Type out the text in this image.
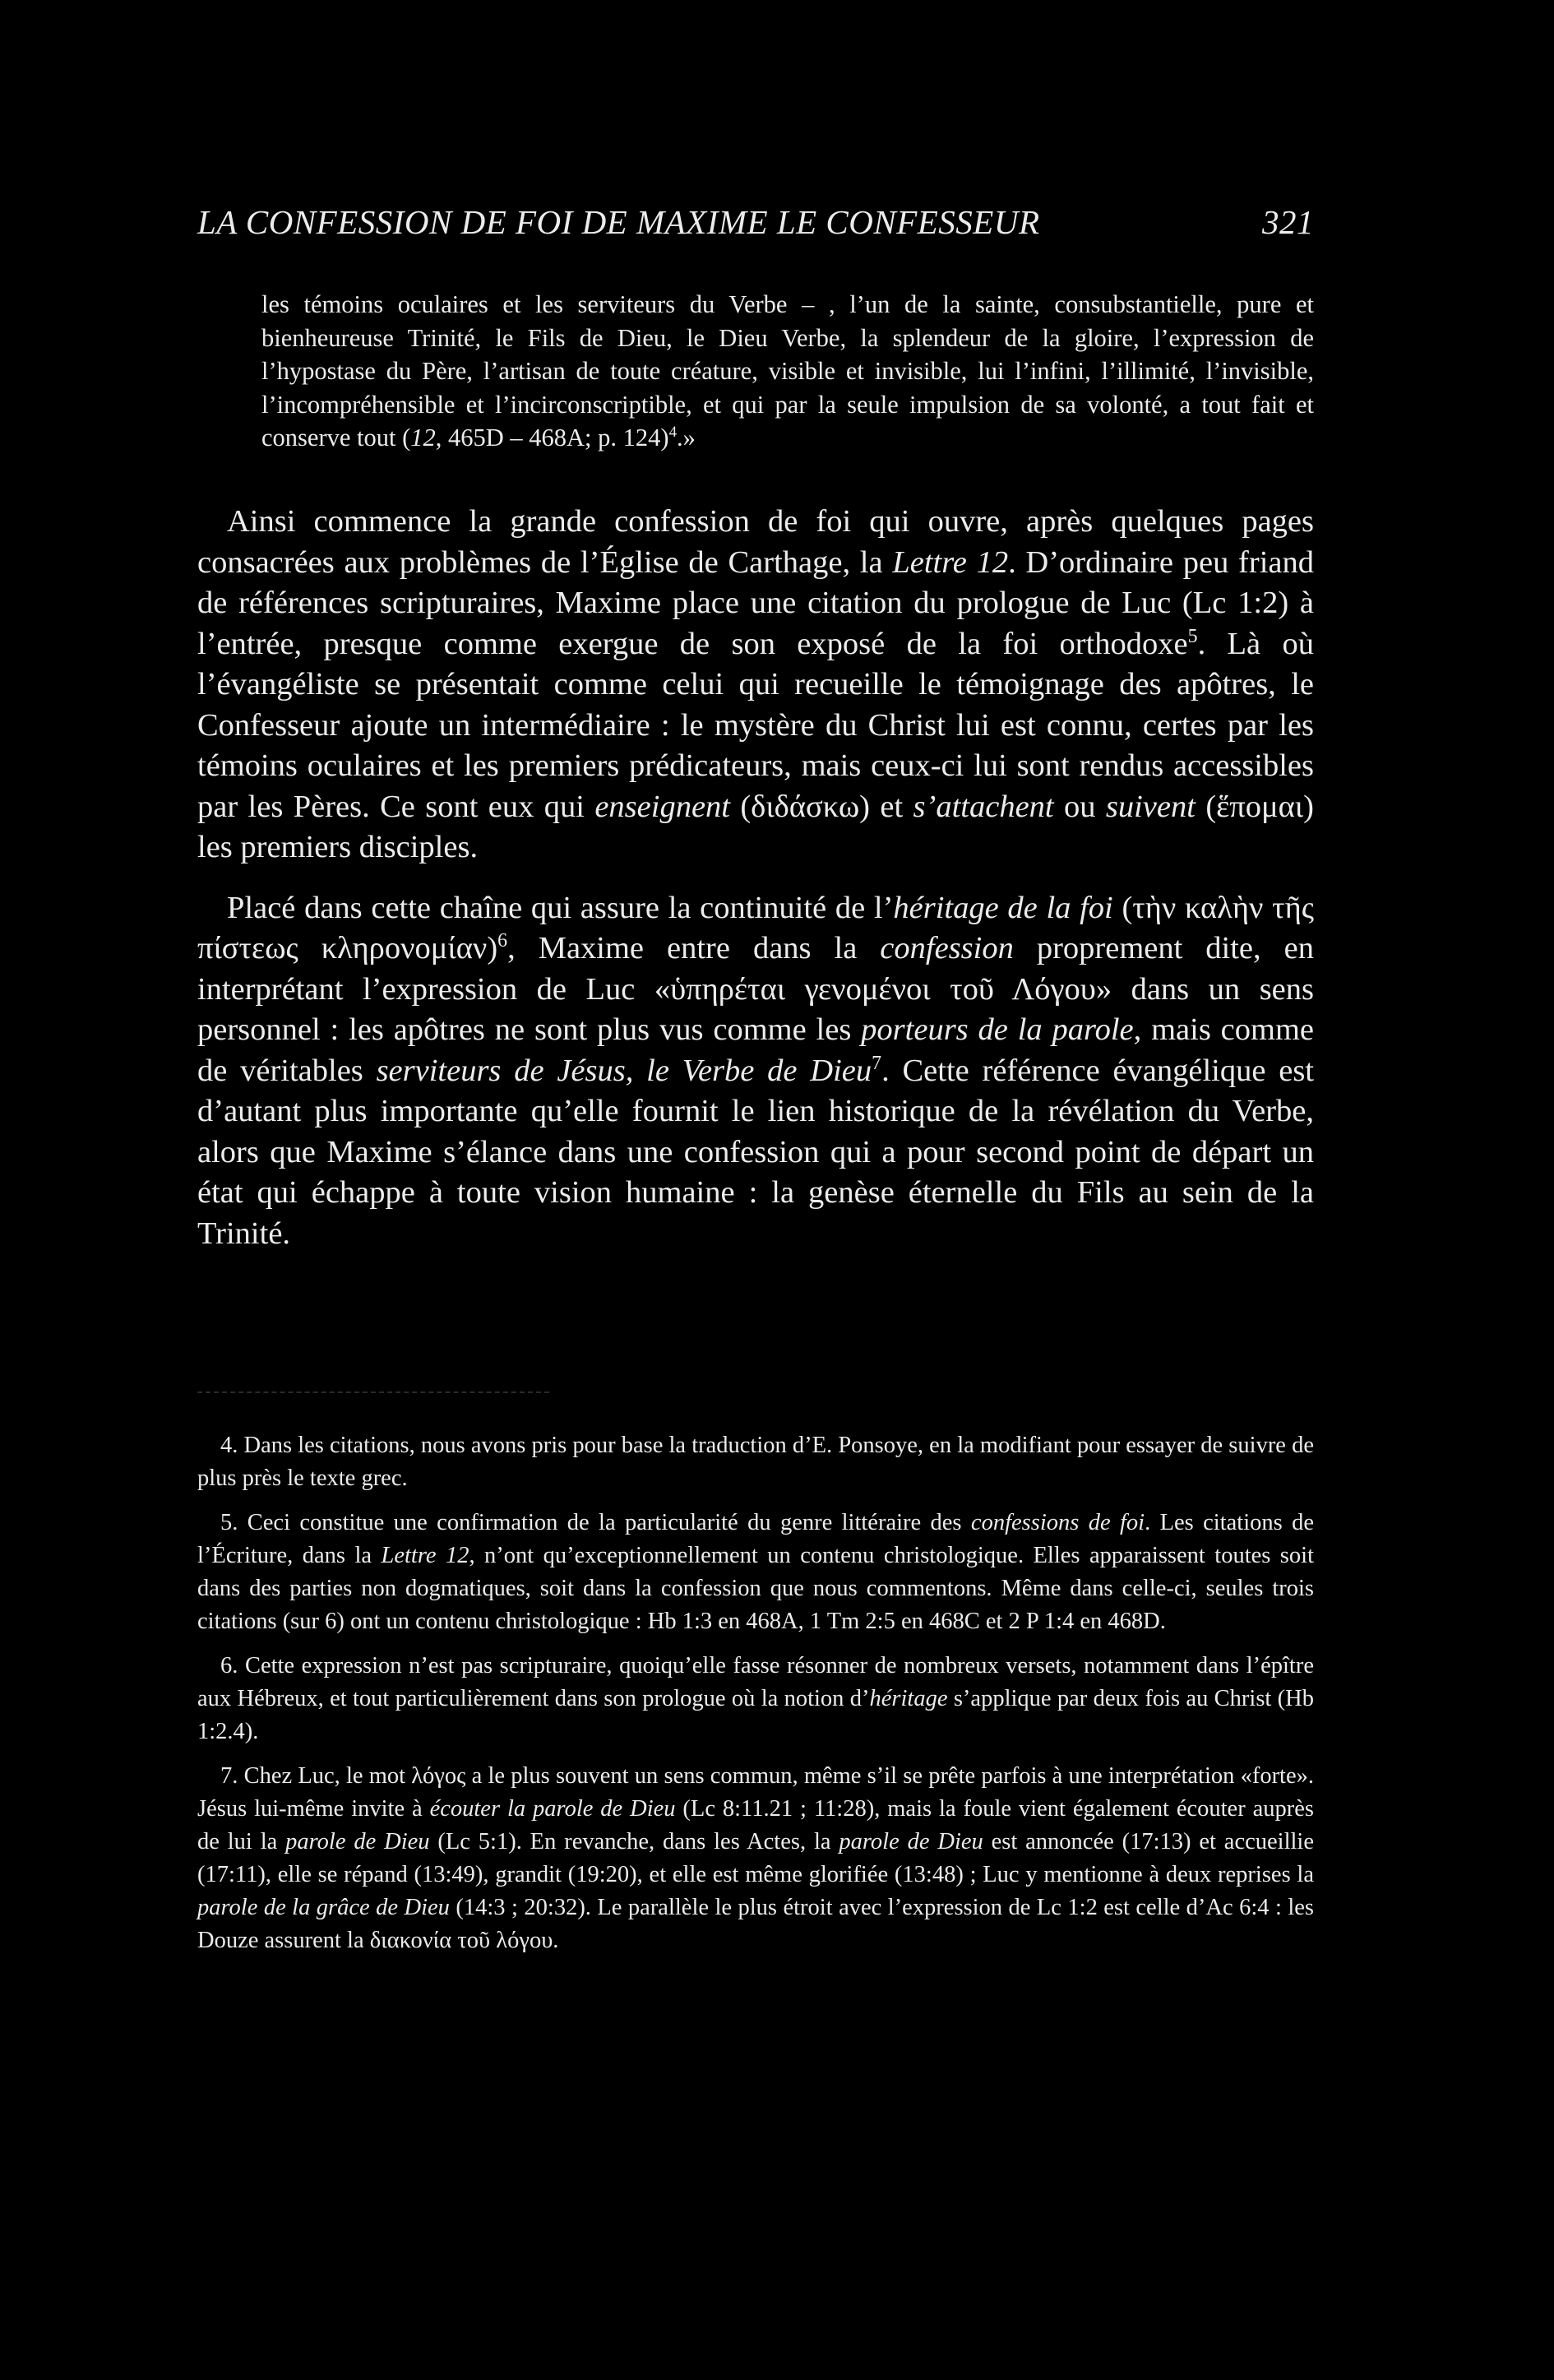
LA CONFESSION DE FOI DE MAXIME LE CONFESSEUR	321
les témoins oculaires et les serviteurs du Verbe – , l’un de la sainte, consubstantielle, pure et bienheureuse Trinité, le Fils de Dieu, le Dieu Verbe, la splendeur de la gloire, l’expression de l’hypostase du Père, l’artisan de toute créature, visible et invisible, lui l’infini, l’illimité, l’invisible, l’incompréhensible et l’incirconscriptible, et qui par la seule impulsion de sa volonté, a tout fait et conserve tout (12, 465D – 468A; p. 124)$^4$.»

Ainsi commence la grande confession de foi qui ouvre, après quelques pages consacrées aux problèmes de l’Église de Carthage, la Lettre 12. D’ordinaire peu friand de références scripturaires, Maxime place une citation du prologue de Luc (Lc 1:2) à l’entrée, presque comme exergue de son exposé de la foi orthodoxe$^5$. Là où l’évangéliste se présentait comme celui qui recueille le témoignage des apôtres, le Confesseur ajoute un intermédiaire : le mystère du Christ lui est connu, certes par les témoins oculaires et les premiers prédicateurs, mais ceux-ci lui sont rendus accessibles par les Pères. Ce sont eux qui enseignent (διδάσκω) et s’attachent ou suivent (ἕπομαι) les premiers disciples.

Placé dans cette chaîne qui assure la continuité de l’héritage de la foi (τὴν καλὴν τῆς πίστεως κληρονομίαν)$^6$, Maxime entre dans la confession proprement dite, en interprétant l’expression de Luc «ὑπηρέται γενομένοι τοῦ Λόγου» dans un sens personnel : les apôtres ne sont plus vus comme les porteurs de la parole, mais comme de véritables serviteurs de Jésus, le Verbe de Dieu$^7$. Cette référence évangélique est d’autant plus importante qu’elle fournit le lien historique de la révélation du Verbe, alors que Maxime s’élance dans une confession qui a pour second point de départ un état qui échappe à toute vision humaine : la genèse éternelle du Fils au sein de la Trinité.

4. Dans les citations, nous avons pris pour base la traduction d’E. Ponsoye, en la modifiant pour essayer de suivre de plus près le texte grec.

5. Ceci constitue une confirmation de la particularité du genre littéraire des confessions de foi. Les citations de l’Écriture, dans la Lettre 12, n’ont qu’exceptionnellement un contenu christologique. Elles apparaissent toutes soit dans des parties non dogmatiques, soit dans la confession que nous commentons. Même dans celle-ci, seules trois citations (sur 6) ont un contenu christologique : Hb 1:3 en 468A, 1 Tm 2:5 en 468C et 2 P 1:4 en 468D.

6. Cette expression n’est pas scripturaire, quoiqu’elle fasse résonner de nombreux versets, notamment dans l’épître aux Hébreux, et tout particulièrement dans son prologue où la notion d’héritage s’applique par deux fois au Christ (Hb 1:2.4).

7. Chez Luc, le mot λόγος a le plus souvent un sens commun, même s’il se prête parfois à une interprétation «forte». Jésus lui-même invite à écouter la parole de Dieu (Lc 8:11.21 ; 11:28), mais la foule vient également écouter auprès de lui la parole de Dieu (Lc 5:1). En revanche, dans les Actes, la parole de Dieu est annoncée (17:13) et accueillie (17:11), elle se répand (13:49), grandit (19:20), et elle est même glorifiée (13:48) ; Luc y mentionne à deux reprises la parole de la grâce de Dieu (14:3 ; 20:32). Le parallèle le plus étroit avec l’expression de Lc 1:2 est celle d’Ac 6:4 : les Douze assurent la διακονία τοῦ λόγου.
